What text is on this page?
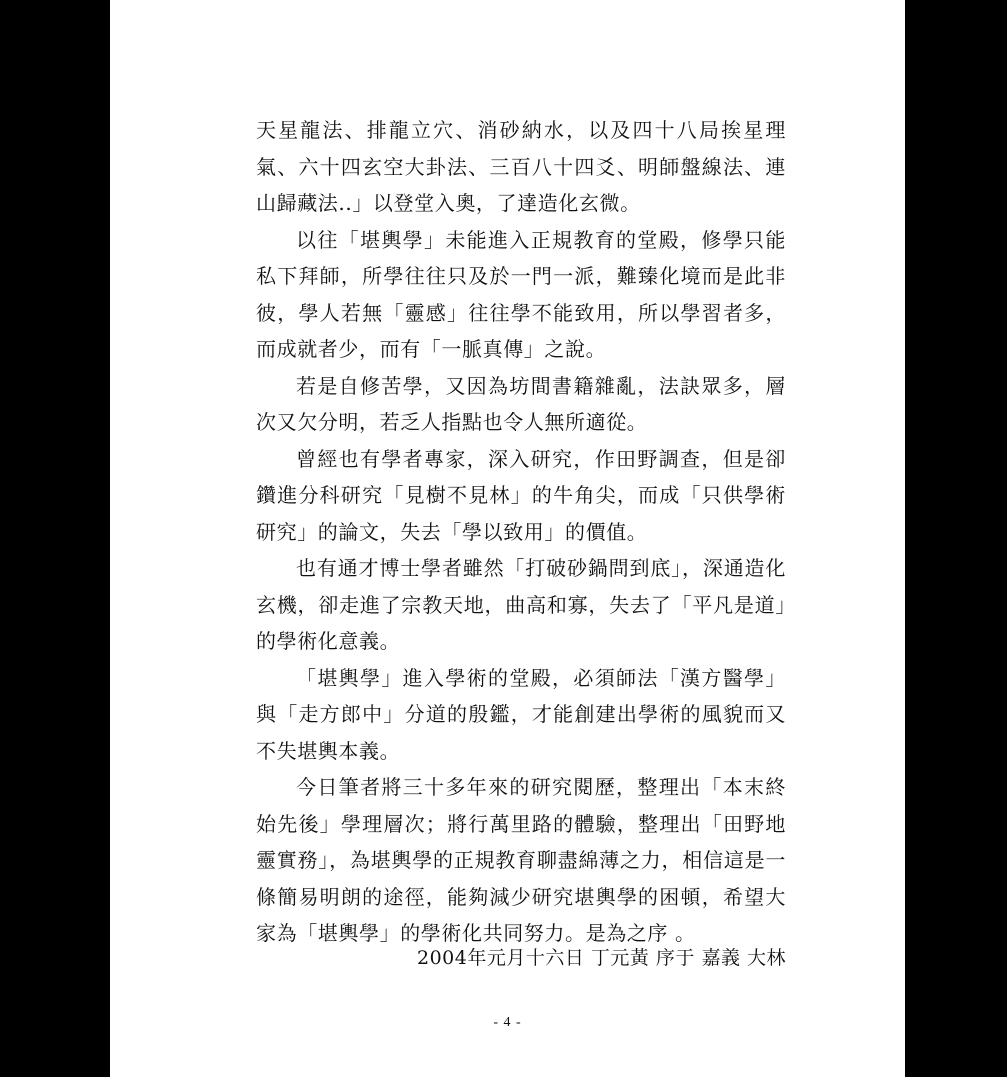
天星龍法、排龍立穴、消砂納水，以及四十八局挨星理氣、六十四玄空大卦法、三百八十四爻、明師盤線法、連山歸藏法..」以登堂入奧，了達造化玄微。

以往「堪輿學」未能進入正規教育的堂殿，修學只能私下拜師，所學往往只及於一門一派，難臻化境而是此非彼，學人若無「靈感」往往學不能致用，所以學習者多，而成就者少，而有「一脈真傳」之說。

若是自修苦學，又因為坊間書籍雜亂，法訣眾多，層次又欠分明，若乏人指點也令人無所適從。

曾經也有學者專家，深入研究，作田野調查，但是卻鑽進分科研究「見樹不見林」的牛角尖，而成「只供學術研究」的論文，失去「學以致用」的價值。

也有通才博士學者雖然「打破砂鍋問到底」，深通造化玄機，卻走進了宗教天地，曲高和寡，失去了「平凡是道」的學術化意義。

「堪輿學」進入學術的堂殿，必須師法「漢方醫學」與「走方郎中」分道的殷鑑，才能創建出學術的風貌而又不失堪輿本義。

今日筆者將三十多年來的研究閱歷，整理出「本末終始先後」學理層次；將行萬里路的體驗，整理出「田野地靈實務」，為堪輿學的正規教育聊盡綿薄之力，相信這是一條簡易明朗的途徑，能夠減少研究堪輿學的困頓，希望大家為「堪輿學」的學術化共同努力。是為之序 。

2004年元月十六日 丁元黃 序于 嘉義 大林
- 4 -
